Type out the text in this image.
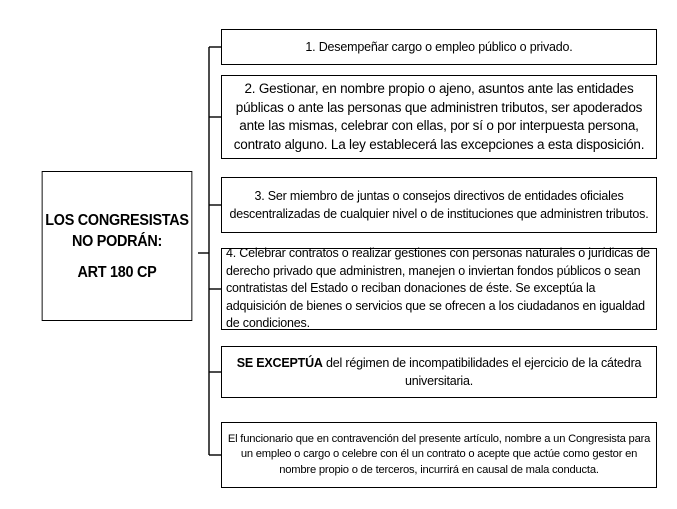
LOS CONGRESISTAS
NO PODRÁN:
ART 180 CP
1. Desempeñar cargo o empleo público o privado.
2. Gestionar, en nombre propio o ajeno, asuntos ante las entidades públicas o ante las personas que administren tributos, ser apoderados ante las mismas, celebrar con ellas, por sí o por interpuesta persona, contrato alguno. La ley establecerá las excepciones a esta disposición.
3. Ser miembro de juntas o consejos directivos de entidades oficiales descentralizadas de cualquier nivel o de instituciones que administren tributos.
4. Celebrar contratos o realizar gestiones con personas naturales o jurídicas de derecho privado que administren, manejen o inviertan fondos públicos o sean contratistas del Estado o reciban donaciones de éste. Se exceptúa la adquisición de bienes o servicios que se ofrecen a los ciudadanos en igualdad de condiciones.
SE EXCEPTÚA del régimen de incompatibilidades el ejercicio de la cátedra universitaria.
El funcionario que en contravención del presente artículo, nombre a un Congresista para un empleo o cargo o celebre con él un contrato o acepte que actúe como gestor en nombre propio o de terceros, incurrirá en causal de mala conducta.
